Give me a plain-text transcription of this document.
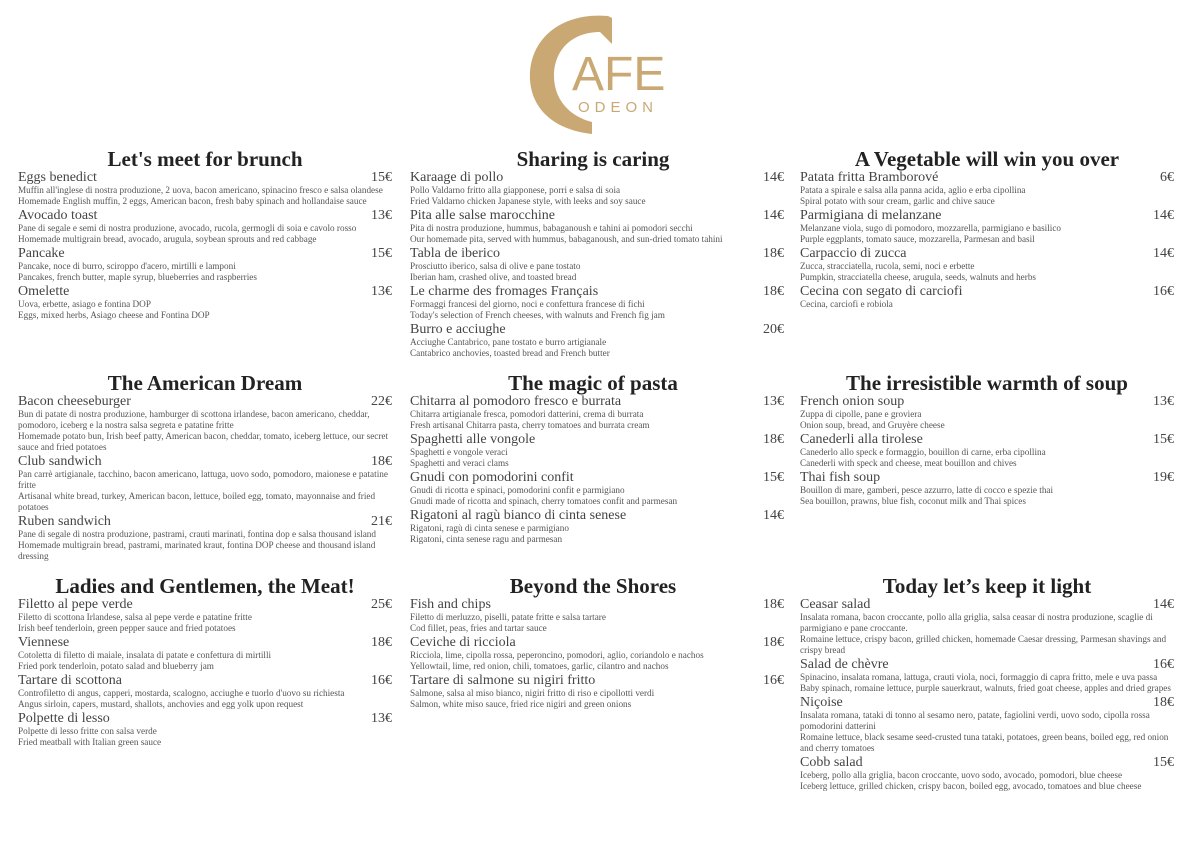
AFE
ODEON
Let's meet for brunch
Eggs benedict	15€
Muffin all'inglese di nostra produzione, 2 uova, bacon americano, spinacino fresco e salsa olandese
Homemade English muffin, 2 eggs, American bacon, fresh baby spinach and hollandaise sauce
Avocado toast	13€
Pane di segale e semi di nostra produzione, avocado, rucola, germogli di soia e cavolo rosso
Homemade multigrain bread, avocado, arugula, soybean sprouts and red cabbage
Pancake	15€
Pancake, noce di burro, sciroppo d'acero, mirtilli e lamponi
Pancakes, french butter, maple syrup, blueberries and raspberries
Omelette	13€
Uova, erbette, asiago e fontina DOP
Eggs, mixed herbs, Asiago cheese and Fontina DOP
The American Dream
Bacon cheeseburger	22€
Bun di patate di nostra produzione, hamburger di scottona irlandese, bacon americano, cheddar, pomodoro, iceberg e la nostra salsa segreta e patatine fritte
Homemade potato bun, Irish beef patty, American bacon, cheddar, tomato, iceberg lettuce, our secret sauce and fried potatoes
Club sandwich	18€
Pan carrè artigianale, tacchino, bacon americano, lattuga, uovo sodo, pomodoro, maionese e patatine fritte
Artisanal white bread, turkey, American bacon, lettuce, boiled egg, tomato, mayonnaise and fried potatoes
Ruben sandwich	21€
Pane di segale di nostra produzione, pastrami, crauti marinati, fontina dop e salsa thousand island
Homemade multigrain bread, pastrami, marinated kraut, fontina DOP cheese and thousand island dressing
Ladies and Gentlemen, the Meat!
Filetto al pepe verde	25€
Filetto di scottona Irlandese, salsa al pepe verde e patatine fritte
Irish beef tenderloin, green pepper sauce and fried potatoes
Viennese	18€
Cotoletta di filetto di maiale, insalata di patate e confettura di mirtilli
Fried pork tenderloin, potato salad and blueberry jam
Tartare di scottona	16€
Controfiletto di angus, capperi, mostarda, scalogno, acciughe e tuorlo d'uovo su richiesta
Angus sirloin, capers, mustard, shallots, anchovies and egg yolk upon request
Polpette di lesso	13€
Polpette di lesso fritte con salsa verde
Fried meatball with Italian green sauce
Sharing is caring
Karaage di pollo	14€
Pollo Valdarno fritto alla giapponese, porri e salsa di soia
Fried Valdarno chicken Japanese style, with leeks and soy sauce
Pita alle salse marocchine	14€
Pita di nostra produzione, hummus, babaganoush e tahini ai pomodori secchi
Our homemade pita, served with hummus, babaganoush, and sun-dried tomato tahini
Tabla de iberico	18€
Prosciutto iberico, salsa di olive e pane tostato
Iberian ham, crashed olive, and toasted bread
Le charme des fromages Français	18€
Formaggi francesi del giorno, noci e confettura francese di fichi
Today's selection of French cheeses, with walnuts and French fig jam
Burro e acciughe	20€
Acciughe Cantabrico, pane tostato e burro artigianale
Cantabrico anchovies, toasted bread and French butter
The magic of pasta
Chitarra al pomodoro fresco e burrata	13€
Chitarra artigianale fresca, pomodori datterini, crema di burrata
Fresh artisanal Chitarra pasta, cherry tomatoes and burrata cream
Spaghetti alle vongole	18€
Spaghetti e vongole veraci
Spaghetti and veraci clams
Gnudi con pomodorini confit	15€
Gnudi di ricotta e spinaci, pomodorini confit e parmigiano
Gnudi made of ricotta and spinach, cherry tomatoes confit and parmesan
Rigatoni al ragù bianco di cinta senese	14€
Rigatoni, ragù di cinta senese e parmigiano
Rigatoni, cinta senese ragu and parmesan
Beyond the Shores
Fish and chips	18€
Filetto di merluzzo, piselli, patate fritte e salsa tartare
Cod fillet, peas, fries and tartar sauce
Ceviche di ricciola	18€
Ricciola, lime, cipolla rossa, peperoncino, pomodori, aglio, coriandolo e nachos
Yellowtail, lime, red onion, chili, tomatoes, garlic, cilantro and nachos
Tartare di salmone su nigiri fritto	16€
Salmone, salsa al miso bianco, nigiri fritto di riso e cipollotti verdi
Salmon, white miso sauce, fried rice nigiri and green onions
A Vegetable will win you over
Patata fritta Bramborové	6€
Patata a spirale e salsa alla panna acida, aglio e erba cipollina
Spiral potato with sour cream, garlic and chive sauce
Parmigiana di melanzane	14€
Melanzane viola, sugo di pomodoro, mozzarella, parmigiano e basilico
Purple eggplants, tomato sauce, mozzarella, Parmesan and basil
Carpaccio di zucca	14€
Zucca, stracciatella, rucola, semi, noci e erbette
Pumpkin, stracciatella cheese, arugula, seeds, walnuts and herbs
Cecina con segato di carciofi	16€
Cecina, carciofi e robiola
The irresistible warmth of soup
French onion soup	13€
Zuppa di cipolle, pane e groviera
Onion soup, bread, and Gruyère cheese
Canederli alla tirolese	15€
Canederlo allo speck e formaggio, bouillon di carne, erba cipollina
Canederli with speck and cheese, meat bouillon and chives
Thai fish soup	19€
Bouillon di mare, gamberi, pesce azzurro, latte di cocco e spezie thai
Sea bouillon, prawns, blue fish, coconut milk and Thai spices
Today let’s keep it light
Ceasar salad	14€
Insalata romana, bacon croccante, pollo alla griglia, salsa ceasar di nostra produzione, scaglie di parmigiano e pane croccante.
Romaine lettuce, crispy bacon, grilled chicken, homemade Caesar dressing, Parmesan shavings and crispy bread
Salad de chèvre	16€
Spinacino, insalata romana, lattuga, crauti viola, noci, formaggio di capra fritto, mele e uva passa
Baby spinach, romaine lettuce, purple sauerkraut, walnuts, fried goat cheese, apples and dried grapes
Niçoise	18€
Insalata romana, tataki di tonno al sesamo nero, patate, fagiolini verdi, uovo sodo, cipolla rossa pomodorini datterini
Romaine lettuce, black sesame seed-crusted tuna tataki, potatoes, green beans, boiled egg, red onion and cherry tomatoes
Cobb salad	15€
Iceberg, pollo alla griglia, bacon croccante, uovo sodo, avocado, pomodori, blue cheese
Iceberg lettuce, grilled chicken, crispy bacon, boiled egg, avocado, tomatoes and blue cheese
